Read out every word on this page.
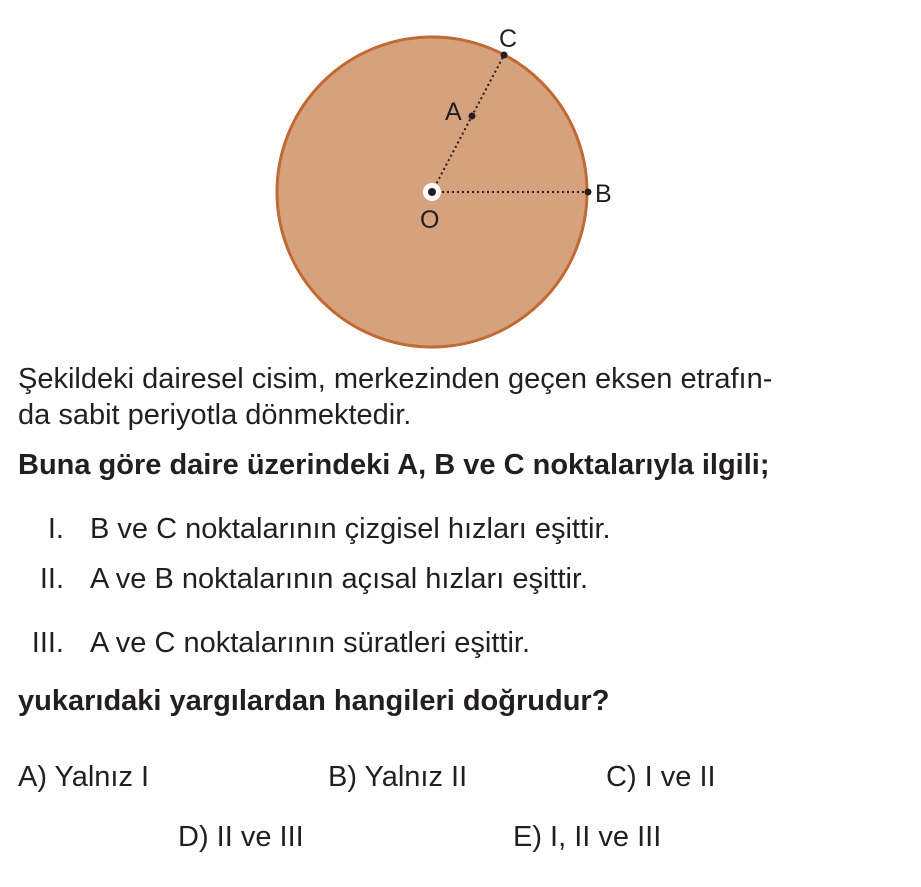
A
B
C
O
Şekildeki dairesel cisim, merkezinden geçen eksen etrafın-
da sabit periyotla dönmektedir.
Buna göre daire üzerindeki A, B ve C noktalarıyla ilgili;
I. B ve C noktalarının çizgisel hızları eşittir.
II. A ve B noktalarının açısal hızları eşittir.
III. A ve C noktalarının süratleri eşittir.
yukarıdaki yargılardan hangileri doğrudur?
A) Yalnız I	B) Yalnız II	C) I ve II
D) II ve III	E) I, II ve III
